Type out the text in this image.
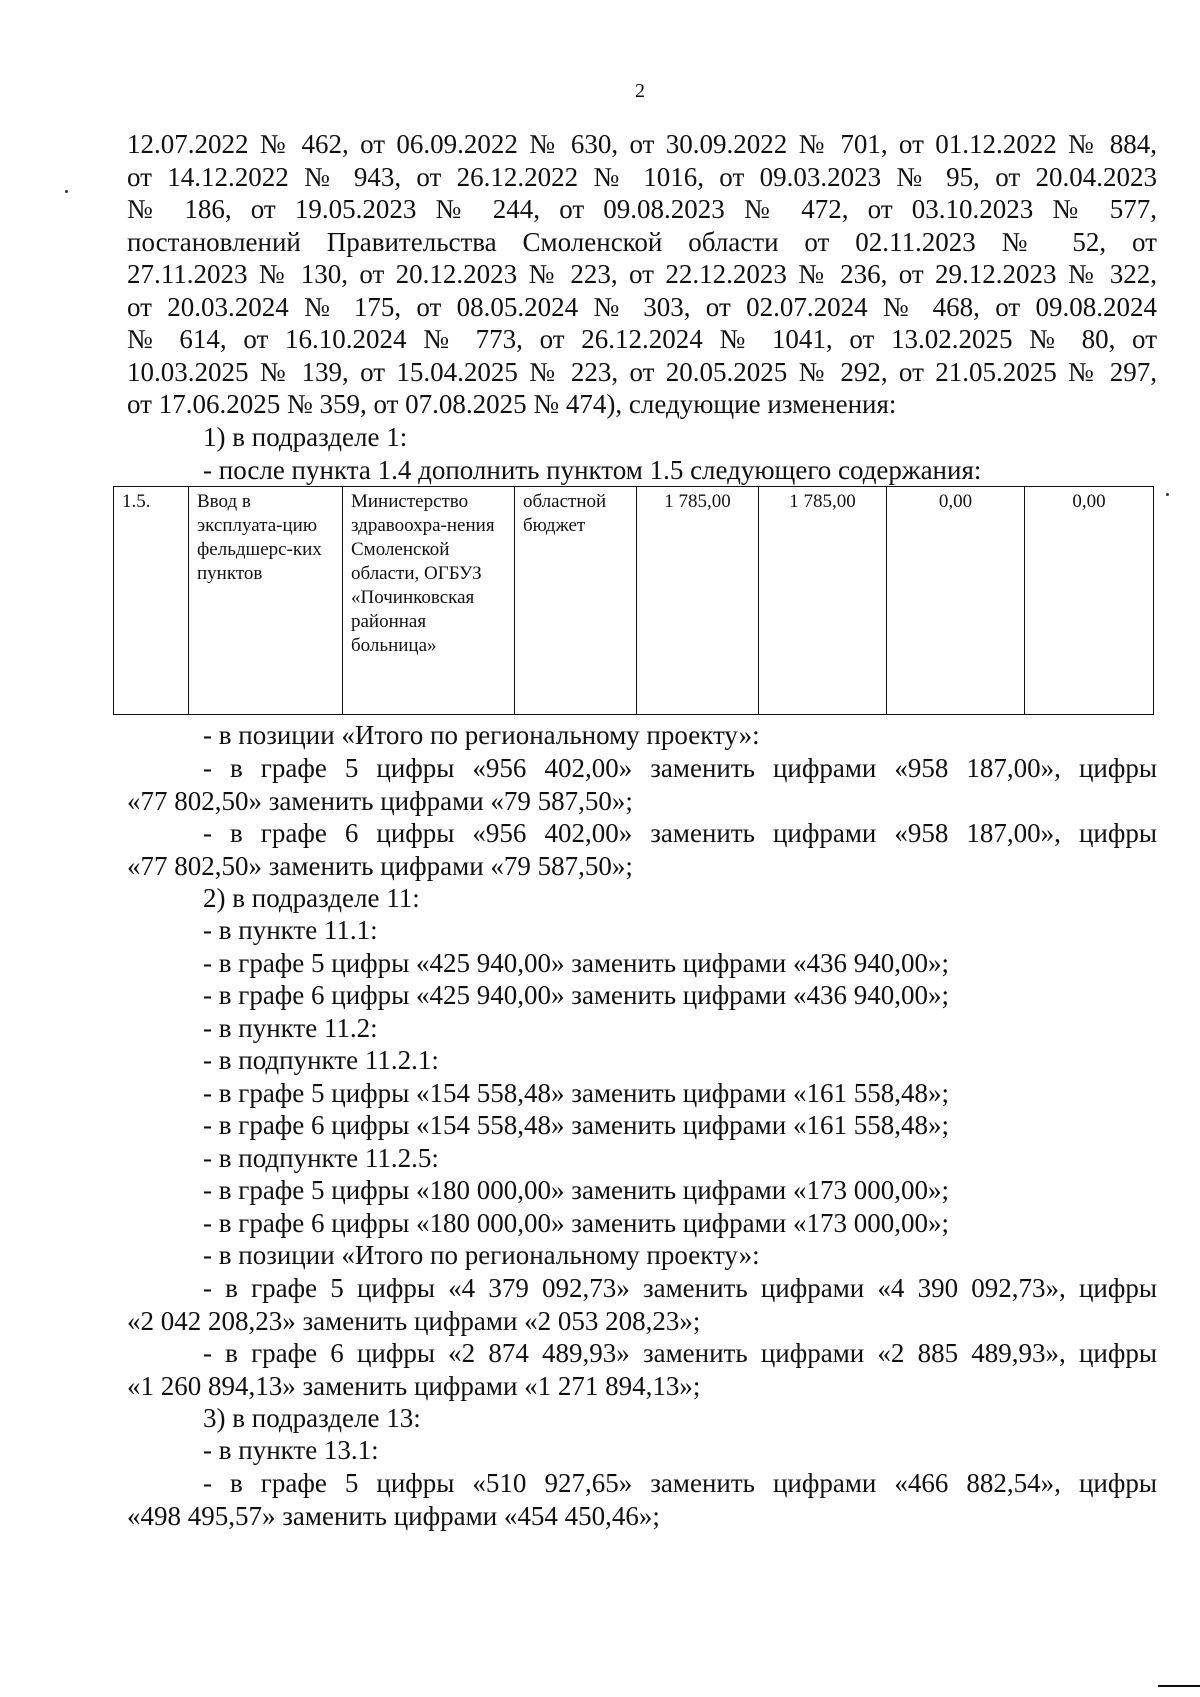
2
12.07.2022 № 462, от 06.09.2022 № 630, от 30.09.2022 № 701, от 01.12.2022 № 884,
от 14.12.2022 № 943, от 26.12.2022 № 1016, от 09.03.2023 № 95, от 20.04.2023
№ 186, от 19.05.2023 № 244, от 09.08.2023 № 472, от 03.10.2023 № 577,
постановлений Правительства Смоленской области от 02.11.2023 № 52, от
27.11.2023 № 130, от 20.12.2023 № 223, от 22.12.2023 № 236, от 29.12.2023 № 322,
от 20.03.2024 № 175, от 08.05.2024 № 303, от 02.07.2024 № 468, от 09.08.2024
№ 614, от 16.10.2024 № 773, от 26.12.2024 № 1041, от 13.02.2025 № 80, от
10.03.2025 № 139, от 15.04.2025 № 223, от 20.05.2025 № 292, от 21.05.2025 № 297,
от 17.06.2025 № 359, от 07.08.2025 № 474), следующие изменения:
1) в подразделе 1:
- после пункта 1.4 дополнить пунктом 1.5 следующего содержания:
1.5.	Ввод в эксплуата-цию фельдшерс-ких пунктов	Министерство здравоохра-нения Смоленской области, ОГБУЗ «Починковская районная больница»	областной бюджет	1 785,00	1 785,00	0,00	0,00
- в позиции «Итого по региональному проекту»:
- в графе 5 цифры «956 402,00» заменить цифрами «958 187,00», цифры
«77 802,50» заменить цифрами «79 587,50»;
- в графе 6 цифры «956 402,00» заменить цифрами «958 187,00», цифры
«77 802,50» заменить цифрами «79 587,50»;
2) в подразделе 11:
- в пункте 11.1:
- в графе 5 цифры «425 940,00» заменить цифрами «436 940,00»;
- в графе 6 цифры «425 940,00» заменить цифрами «436 940,00»;
- в пункте 11.2:
- в подпункте 11.2.1:
- в графе 5 цифры «154 558,48» заменить цифрами «161 558,48»;
- в графе 6 цифры «154 558,48» заменить цифрами «161 558,48»;
- в подпункте 11.2.5:
- в графе 5 цифры «180 000,00» заменить цифрами «173 000,00»;
- в графе 6 цифры «180 000,00» заменить цифрами «173 000,00»;
- в позиции «Итого по региональному проекту»:
- в графе 5 цифры «4 379 092,73» заменить цифрами «4 390 092,73», цифры
«2 042 208,23» заменить цифрами «2 053 208,23»;
- в графе 6 цифры «2 874 489,93» заменить цифрами «2 885 489,93», цифры
«1 260 894,13» заменить цифрами «1 271 894,13»;
3) в подразделе 13:
- в пункте 13.1:
- в графе 5 цифры «510 927,65» заменить цифрами «466 882,54», цифры
«498 495,57» заменить цифрами «454 450,46»;
